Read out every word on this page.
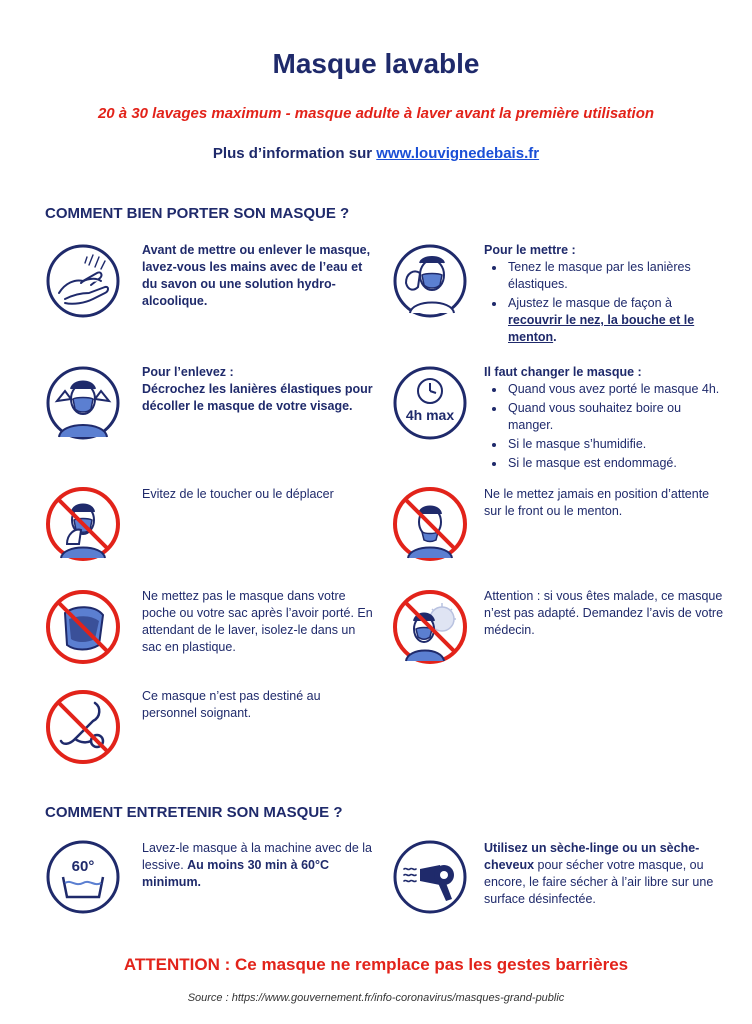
Masque lavable
20 à 30 lavages maximum - masque adulte à laver avant la première utilisation
Plus d’information sur www.louvignedebais.fr
COMMENT BIEN PORTER SON MASQUE ?
Avant de mettre ou enlever le masque, lavez-vous les mains avec de l’eau et du savon ou une solution hydro-alcoolique.
Pour le mettre :
• Tenez le masque par les lanières élastiques.
• Ajustez le masque de façon à recouvrir le nez, la bouche et le menton.
Pour l’enlevez :
Décrochez les lanières élastiques pour décoller le masque de votre visage.
4h max
Il faut changer le masque :
• Quand vous avez porté le masque 4h.
• Quand vous souhaitez boire ou manger.
• Si le masque s’humidifie.
• Si le masque est endommagé.
Evitez de le toucher ou le déplacer	Ne le mettez jamais en position d’attente sur le front ou le menton.
Ne mettez pas le masque dans votre poche ou votre sac après l’avoir porté. En attendant de le laver, isolez-le dans un sac en plastique.
Attention : si vous êtes malade, ce masque n’est pas adapté. Demandez l’avis de votre médecin.
Ce masque n’est pas destiné au personnel soignant.
COMMENT ENTRETENIR SON MASQUE ?
60°
Lavez-le masque à la machine avec de la lessive. Au moins 30 min à 60°C minimum.
Utilisez un sèche-linge ou un sèche-cheveux pour sécher votre masque, ou encore, le faire sécher à l’air libre sur une surface désinfectée.
ATTENTION : Ce masque ne remplace pas les gestes barrières
Source : https://www.gouvernement.fr/info-coronavirus/masques-grand-public
